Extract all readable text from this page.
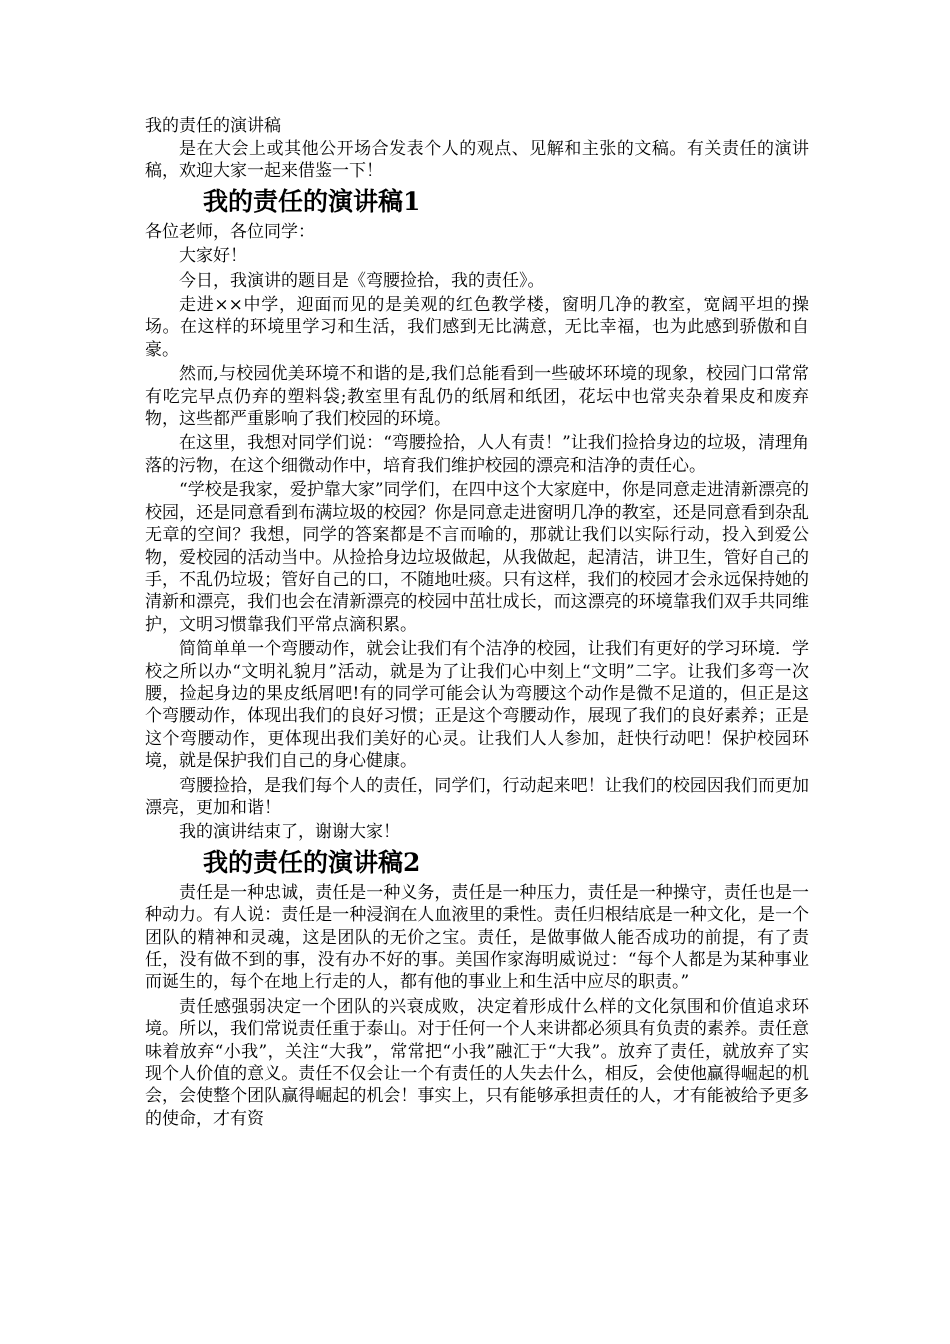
我的责任的演讲稿

是在大会上或其他公开场合发表个人的观点、见解和主张的文稿。有关责任的演讲稿，欢迎大家一起来借鉴一下！

我的责任的演讲稿1

各位老师，各位同学：

大家好！

今日，我演讲的题目是《弯腰捡拾，我的责任》。

走进××中学，迎面而见的是美观的红色教学楼，窗明几净的教室，宽阔平坦的操场。在这样的环境里学习和生活，我们感到无比满意，无比幸福，也为此感到骄傲和自豪。

然而,与校园优美环境不和谐的是,我们总能看到一些破坏环境的现象，校园门口常常有吃完早点仍弃的塑料袋;教室里有乱仍的纸屑和纸团，花坛中也常夹杂着果皮和废弃物，这些都严重影响了我们校园的环境。

在这里，我想对同学们说：“弯腰捡拾，人人有责！”让我们捡拾身边的垃圾，清理角落的污物，在这个细微动作中，培育我们维护校园的漂亮和洁净的责任心。

“学校是我家，爱护靠大家”同学们，在四中这个大家庭中，你是同意走进清新漂亮的校园，还是同意看到布满垃圾的校园？你是同意走进窗明几净的教室，还是同意看到杂乱无章的空间？我想，同学的答案都是不言而喻的，那就让我们以实际行动，投入到爱公物，爱校园的活动当中。从捡拾身边垃圾做起，从我做起，起清洁，讲卫生，管好自己的手，不乱仍垃圾；管好自己的口，不随地吐痰。只有这样，我们的校园才会永远保持她的清新和漂亮，我们也会在清新漂亮的校园中茁壮成长，而这漂亮的环境靠我们双手共同维护，文明习惯靠我们平常点滴积累。

简简单单一个弯腰动作，就会让我们有个洁净的校园，让我们有更好的学习环境．学校之所以办“文明礼貌月”活动，就是为了让我们心中刻上“文明”二字。让我们多弯一次腰，捡起身边的果皮纸屑吧!有的同学可能会认为弯腰这个动作是微不足道的，但正是这个弯腰动作，体现出我们的良好习惯；正是这个弯腰动作，展现了我们的良好素养；正是这个弯腰动作，更体现出我们美好的心灵。让我们人人参加，赶快行动吧！保护校园环境，就是保护我们自己的身心健康。

弯腰捡拾，是我们每个人的责任，同学们，行动起来吧！让我们的校园因我们而更加漂亮，更加和谐！

我的演讲结束了，谢谢大家！

我的责任的演讲稿2

责任是一种忠诚，责任是一种义务，责任是一种压力，责任是一种操守，责任也是一种动力。有人说：责任是一种浸润在人血液里的秉性。责任归根结底是一种文化，是一个团队的精神和灵魂，这是团队的无价之宝。责任，是做事做人能否成功的前提，有了责任，没有做不到的事，没有办不好的事。美国作家海明威说过：“每个人都是为某种事业而诞生的，每个在地上行走的人，都有他的事业上和生活中应尽的职责。”

责任感强弱决定一个团队的兴衰成败，决定着形成什么样的文化氛围和价值追求环境。所以，我们常说责任重于泰山。对于任何一个人来讲都必须具有负责的素养。责任意味着放弃“小我”，关注“大我”，常常把“小我”融汇于“大我”。放弃了责任，就放弃了实现个人价值的意义。责任不仅会让一个有责任的人失去什么，相反，会使他赢得崛起的机会，会使整个团队赢得崛起的机会！事实上，只有能够承担责任的人，才有能被给予更多的使命，才有资
